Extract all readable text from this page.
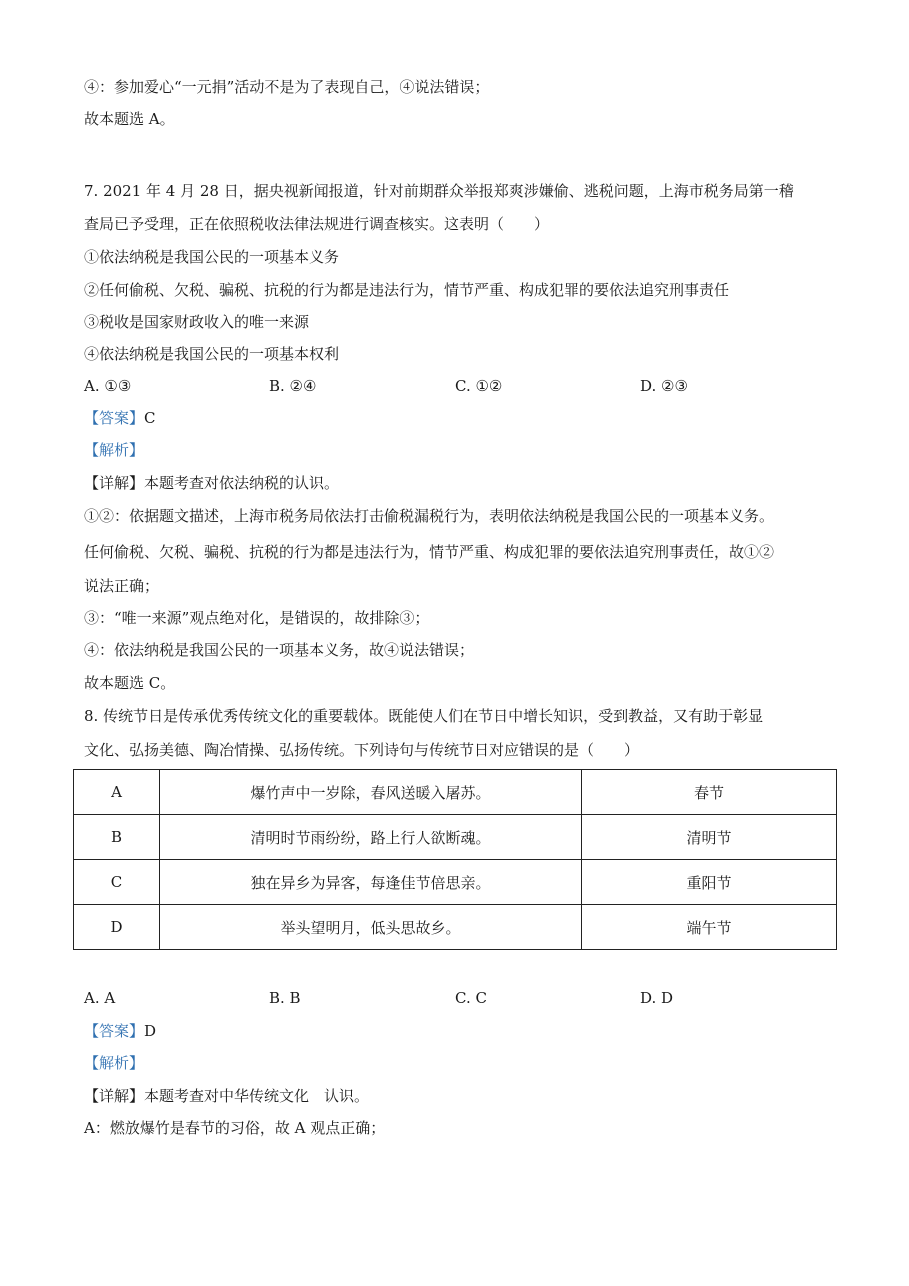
④：参加爱心“一元捐”活动不是为了表现自己，④说法错误；
故本题选 A。
7. 2021 年 4 月 28 日，据央视新闻报道，针对前期群众举报郑爽涉嫌偷、逃税问题，上海市税务局第一稽
查局已予受理，正在依照税收法律法规进行调查核实。这表明（　　）
①依法纳税是我国公民的一项基本义务
②任何偷税、欠税、骗税、抗税的行为都是违法行为，情节严重、构成犯罪的要依法追究刑事责任
③税收是国家财政收入的唯一来源
④依法纳税是我国公民的一项基本权利
A. ①③	B. ②④	C. ①②	D. ②③
【答案】C
【解析】
【详解】本题考查对依法纳税的认识。
①②：依据题文描述，上海市税务局依法打击偷税漏税行为，表明依法纳税是我国公民的一项基本义务。
任何偷税、欠税、骗税、抗税的行为都是违法行为，情节严重、构成犯罪的要依法追究刑事责任，故①②
说法正确；
③：“唯一来源”观点绝对化，是错误的，故排除③；
④：依法纳税是我国公民的一项基本义务，故④说法错误；
故本题选 C。
8. 传统节日是传承优秀传统文化的重要载体。既能使人们在节日中增长知识，受到教益，又有助于彰显
文化、弘扬美德、陶冶情操、弘扬传统。下列诗句与传统节日对应错误的是（　　）
A	爆竹声中一岁除，春风送暖入屠苏。	春节
B	清明时节雨纷纷，路上行人欲断魂。	清明节
C	独在异乡为异客，每逢佳节倍思亲。	重阳节
D	举头望明月，低头思故乡。	端午节
A. A	B. B	C. C	D. D
【答案】D
【解析】
【详解】本题考查对中华传统文化　认识。
A：燃放爆竹是春节的习俗，故 A 观点正确；
